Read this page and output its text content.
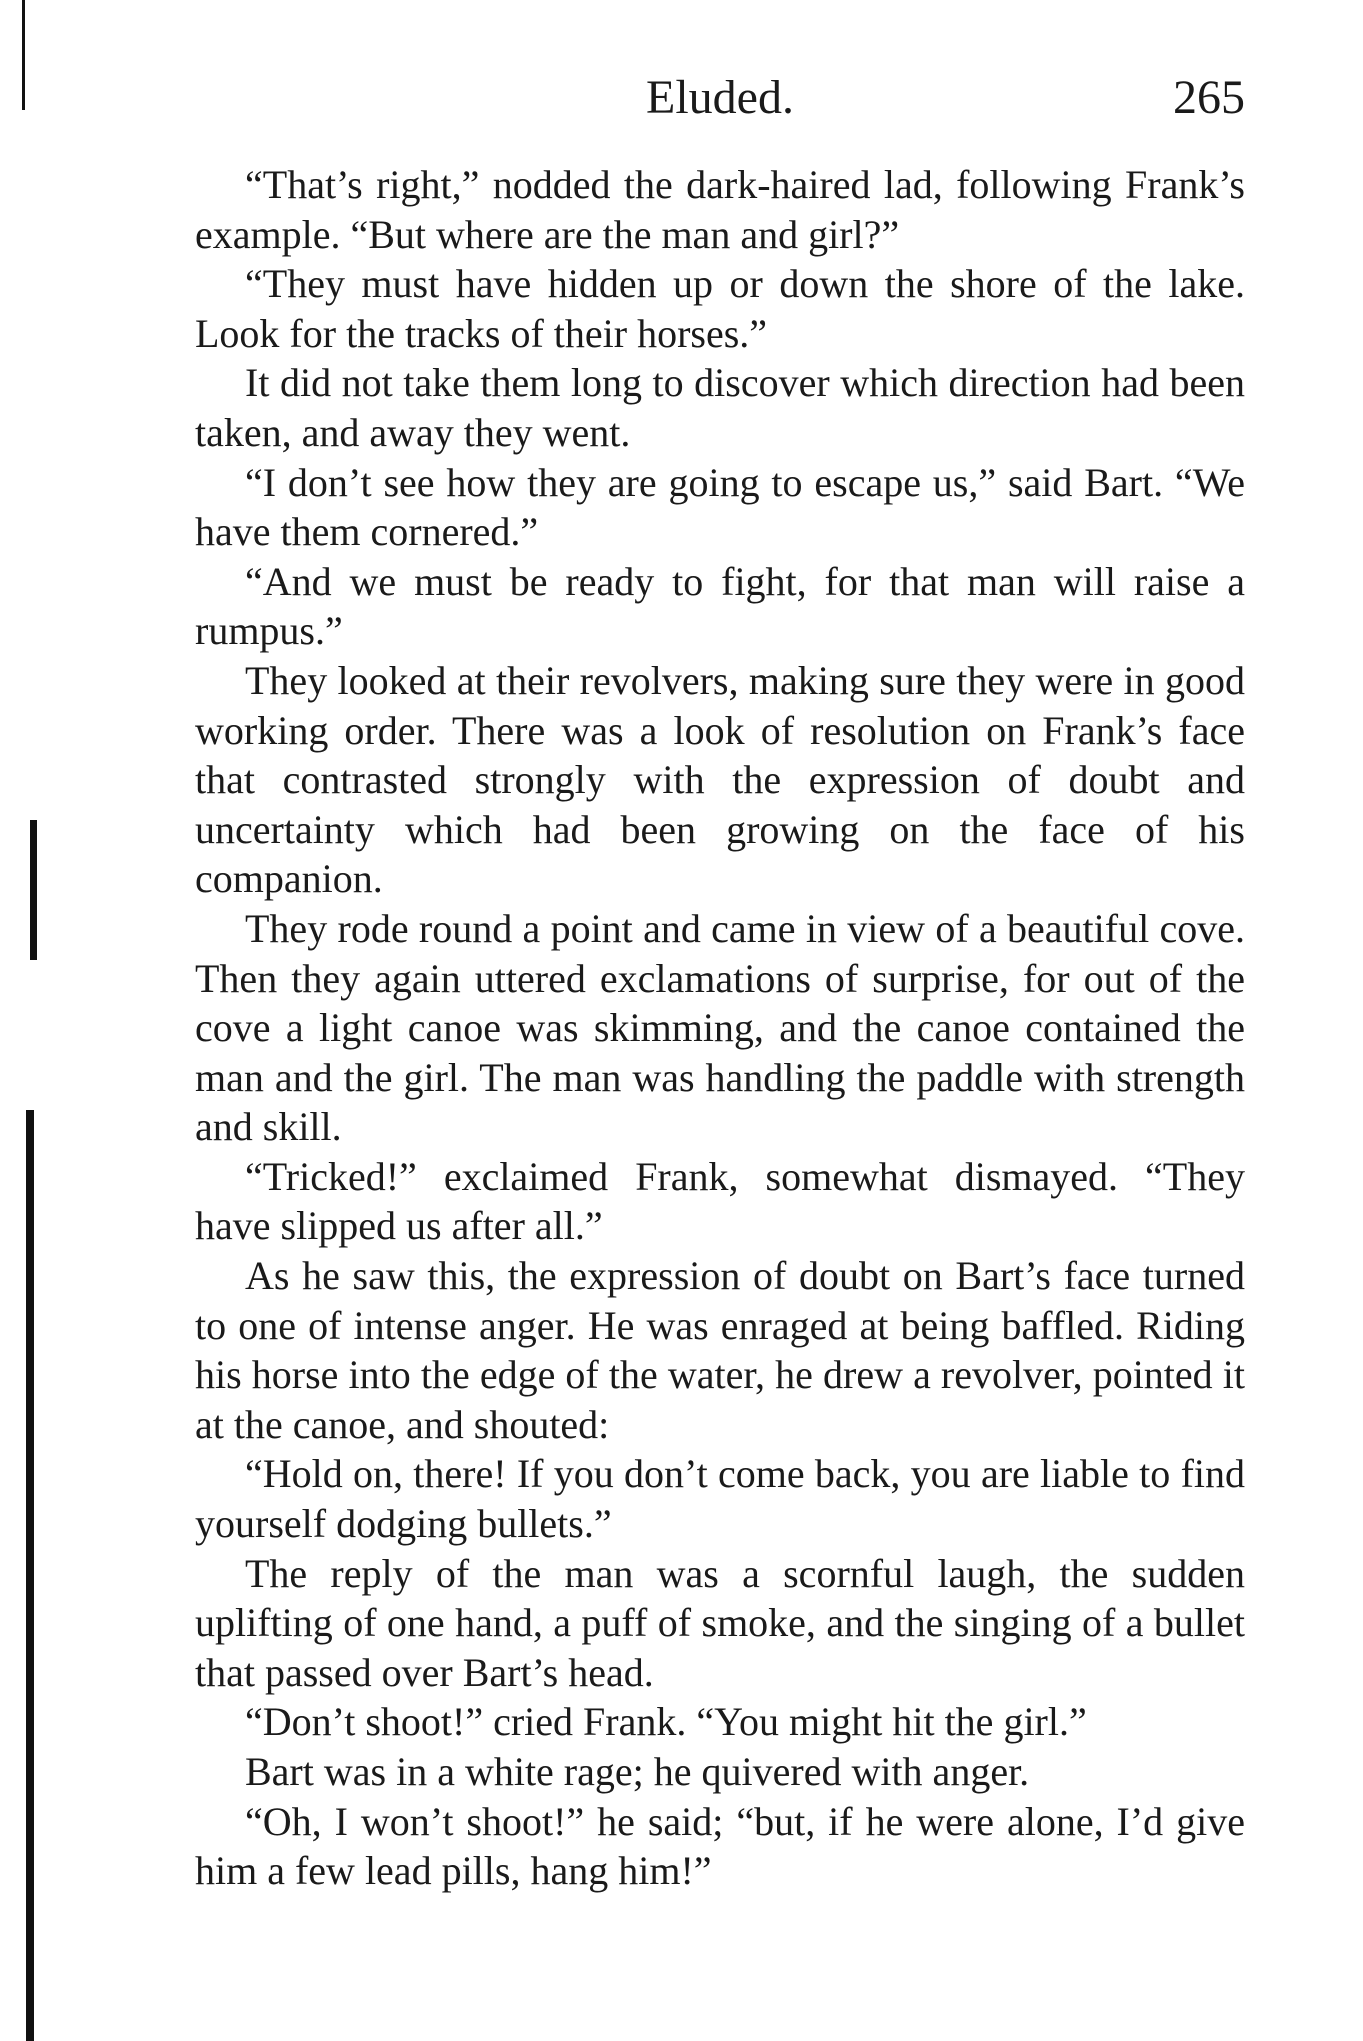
Eluded.	265

“That’s right,” nodded the dark-haired lad, following Frank’s example. “But where are the man and girl?”

“They must have hidden up or down the shore of the lake. Look for the tracks of their horses.”

It did not take them long to discover which direction had been taken, and away they went.

“I don’t see how they are going to escape us,” said Bart. “We have them cornered.”

“And we must be ready to fight, for that man will raise a rumpus.”

They looked at their revolvers, making sure they were in good working order. There was a look of resolution on Frank’s face that contrasted strongly with the expression of doubt and uncertainty which had been growing on the face of his companion.

They rode round a point and came in view of a beautiful cove. Then they again uttered exclamations of surprise, for out of the cove a light canoe was skimming, and the canoe contained the man and the girl. The man was handling the paddle with strength and skill.

“Tricked!” exclaimed Frank, somewhat dismayed. “They have slipped us after all.”

As he saw this, the expression of doubt on Bart’s face turned to one of intense anger. He was enraged at being baffled. Riding his horse into the edge of the water, he drew a revolver, pointed it at the canoe, and shouted:

“Hold on, there! If you don’t come back, you are liable to find yourself dodging bullets.”

The reply of the man was a scornful laugh, the sudden uplifting of one hand, a puff of smoke, and the singing of a bullet that passed over Bart’s head.

“Don’t shoot!” cried Frank. “You might hit the girl.”

Bart was in a white rage; he quivered with anger.

“Oh, I won’t shoot!” he said; “but, if he were alone, I’d give him a few lead pills, hang him!”
